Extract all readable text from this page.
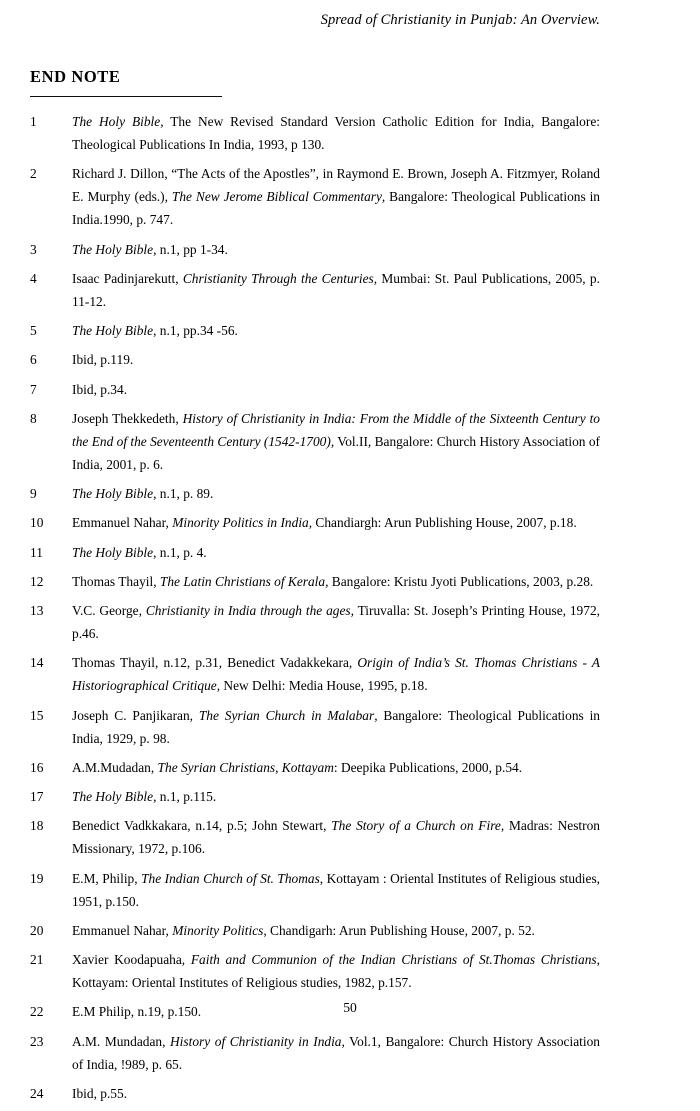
Spread of Christianity in Punjab: An Overview.
END NOTE
1	The Holy Bible, The New Revised Standard Version Catholic Edition for India, Bangalore: Theological Publications In India, 1993, p 130.
2	Richard J. Dillon, “The Acts of the Apostles”, in Raymond E. Brown, Joseph A. Fitzmyer, Roland E. Murphy (eds.), The New Jerome Biblical Commentary, Bangalore: Theological Publications in India.1990, p. 747.
3	The Holy Bible, n.1, pp 1-34.
4	Isaac Padinjarekutt, Christianity Through the Centuries, Mumbai: St. Paul Publications, 2005, p. 11-12.
5	The Holy Bible, n.1, pp.34 -56.
6	Ibid, p.119.
7	Ibid, p.34.
8	Joseph Thekkedeth, History of Christianity in India: From the Middle of the Sixteenth Century to the End of the Seventeenth Century (1542-1700), Vol.II, Bangalore: Church History Association of India, 2001, p. 6.
9	The Holy Bible, n.1, p. 89.
10	Emmanuel Nahar, Minority Politics in India, Chandiargh: Arun Publishing House, 2007, p.18.
11	The Holy Bible, n.1, p. 4.
12	Thomas Thayil, The Latin Christians of Kerala, Bangalore: Kristu Jyoti Publications, 2003, p.28.
13	V.C. George, Christianity in India through the ages, Tiruvalla: St. Joseph’s Printing House, 1972, p.46.
14	Thomas Thayil, n.12, p.31, Benedict Vadakkekara, Origin of India’s St. Thomas Christians - A Historiographical Critique, New Delhi: Media House, 1995, p.18.
15	Joseph C. Panjikaran, The Syrian Church in Malabar, Bangalore: Theological Publications in India, 1929, p. 98.
16	A.M.Mudadan, The Syrian Christians, Kottayam: Deepika Publications, 2000, p.54.
17	The Holy Bible, n.1, p.115.
18	Benedict Vadkkakara, n.14, p.5; John Stewart, The Story of a Church on Fire, Madras: Nestron Missionary, 1972, p.106.
19	E.M, Philip, The Indian Church of St. Thomas, Kottayam : Oriental Institutes of Religious studies, 1951, p.150.
20	Emmanuel Nahar, Minority Politics, Chandigarh: Arun Publishing House, 2007, p. 52.
21	Xavier Koodapuaha, Faith and Communion of the Indian Christians of St.Thomas Christians, Kottayam: Oriental Institutes of Religious studies, 1982, p.157.
22	E.M Philip, n.19, p.150.
23	A.M. Mundadan, History of Christianity in India, Vol.1, Bangalore: Church History Association of India, !989, p. 65.
24	Ibid, p.55.
50
